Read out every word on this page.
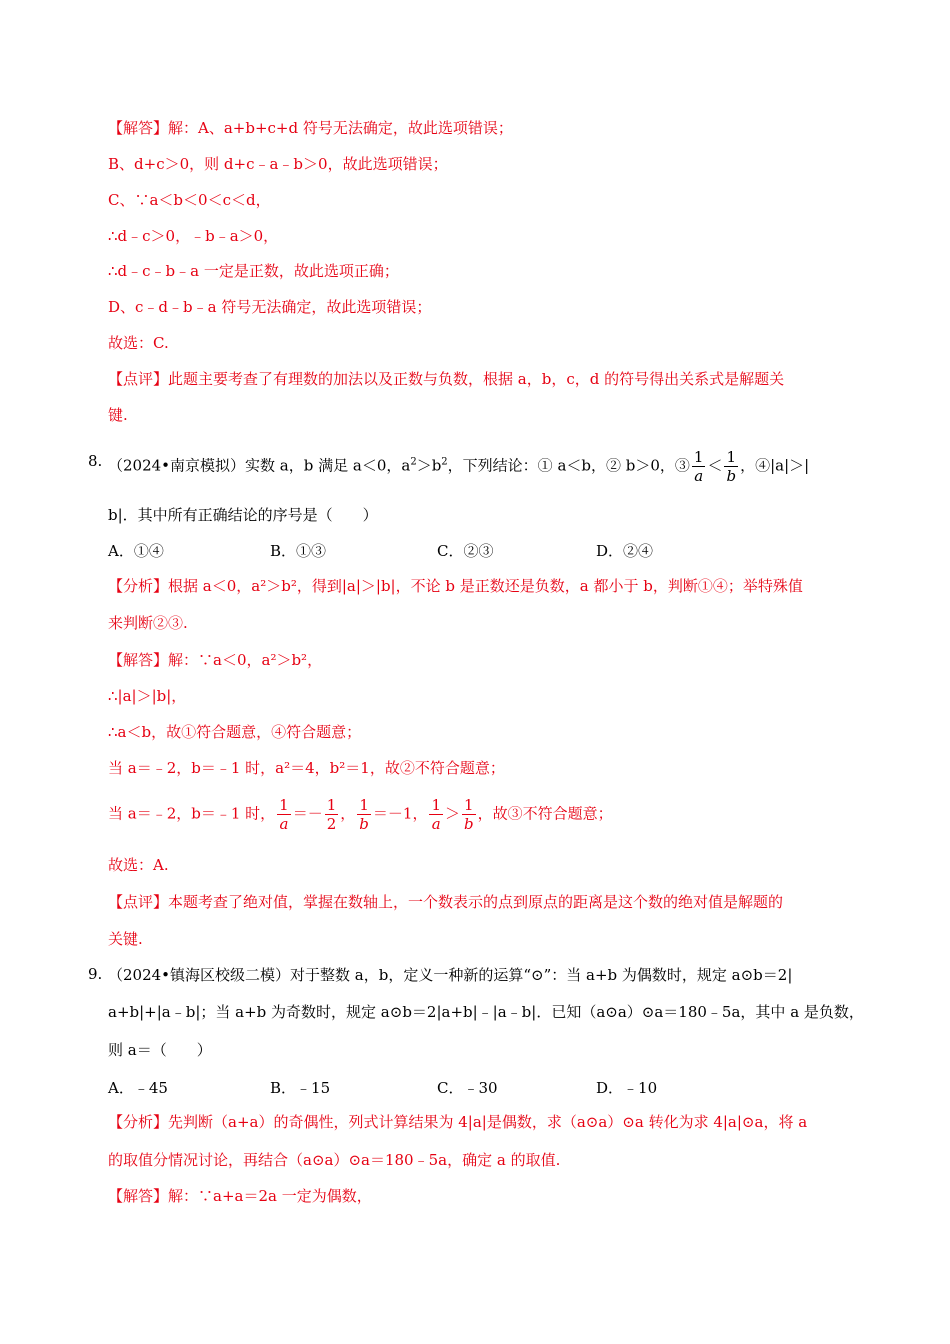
【解答】解：A、a+b+c+d 符号无法确定，故此选项错误；
B、d+c＞0，则 d+c﹣a﹣b＞0，故此选项错误；
C、∵a＜b＜0＜c＜d，
∴d﹣c＞0，﹣b﹣a＞0，
∴d﹣c﹣b﹣a 一定是正数，故此选项正确；
D、c﹣d﹣b﹣a 符号无法确定，故此选项错误；
故选：C.
【点评】此题主要考查了有理数的加法以及正数与负数，根据 a，b，c，d 的符号得出关系式是解题关
键.
8. （2024•南京模拟）实数 a，b 满足 a＜0，$a^2>b^2$，下列结论：① a＜b，② b＞0，③ $\frac{1}{a} < \frac{1}{b}$ ，④|a|＞|
b|．其中所有正确结论的序号是（　　）
A．①④	B．①③	C．②③	D．②④
【分析】根据 a＜0，a²＞b²，得到|a|＞|b|，不论 b 是正数还是负数，a 都小于 b，判断①④；举特殊值
来判断②③.
【解答】解：∵a＜0，a²＞b²，
∴|a|＞|b|，
∴a＜b，故①符合题意，④符合题意；
当 a＝﹣2，b＝﹣1 时，a²＝4，b²＝1，故②不符合题意；
当 a＝﹣2，b＝﹣1 时， $\frac{1}{a} =- \frac{1}{2}$ ， $\frac{1}{b} =-1$， $\frac{1}{a} > \frac{1}{b}$ ，故③不符合题意；
故选：A.
【点评】本题考查了绝对值，掌握在数轴上，一个数表示的点到原点的距离是这个数的绝对值是解题的
关键.
9. （2024•镇海区校级二模）对于整数 a，b，定义一种新的运算“⊙”：当 a+b 为偶数时，规定 a⊙b＝2|
a+b|+|a﹣b|；当 a+b 为奇数时，规定 a⊙b＝2|a+b|﹣|a﹣b|．已知（a⊙a）⊙a＝180﹣5a，其中 a 是负数，
则 a＝（　　）
A．﹣45	B．﹣15	C．﹣30	D．﹣10
【分析】先判断（a+a）的奇偶性，列式计算结果为 4|a|是偶数，求（a⊙a）⊙a 转化为求 4|a|⊙a，将 a
的取值分情况讨论，再结合（a⊙a）⊙a＝180﹣5a，确定 a 的取值.
【解答】解：∵a+a＝2a 一定为偶数，
